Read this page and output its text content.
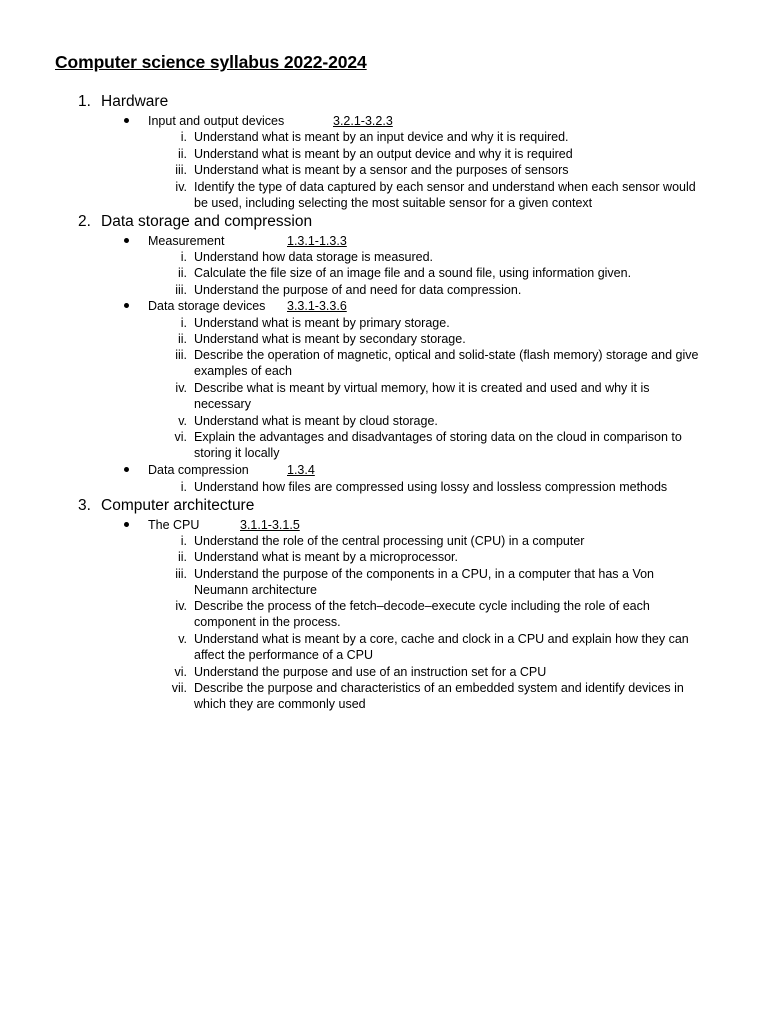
Computer science syllabus 2022-2024
1. Hardware
Input and output devices	3.2.1-3.2.3
i. Understand what is meant by an input device and why it is required.
ii. Understand what is meant by an output device and why it is required
iii. Understand what is meant by a sensor and the purposes of sensors
iv. Identify the type of data captured by each sensor and understand when each sensor would be used, including selecting the most suitable sensor for a given context
2. Data storage and compression
Measurement	1.3.1-1.3.3
i. Understand how data storage is measured.
ii. Calculate the file size of an image file and a sound file, using information given.
iii. Understand the purpose of and need for data compression.
Data storage devices 3.3.1-3.3.6
i. Understand what is meant by primary storage.
ii. Understand what is meant by secondary storage.
iii. Describe the operation of magnetic, optical and solid-state (flash memory) storage and give examples of each
iv. Describe what is meant by virtual memory, how it is created and used and why it is necessary
v. Understand what is meant by cloud storage.
vi. Explain the advantages and disadvantages of storing data on the cloud in comparison to storing it locally
Data compression	1.3.4
i. Understand how files are compressed using lossy and lossless compression methods
3. Computer architecture
The CPU	3.1.1-3.1.5
i. Understand the role of the central processing unit (CPU) in a computer
ii. Understand what is meant by a microprocessor.
iii. Understand the purpose of the components in a CPU, in a computer that has a Von Neumann architecture
iv. Describe the process of the fetch–decode–execute cycle including the role of each component in the process.
v. Understand what is meant by a core, cache and clock in a CPU and explain how they can affect the performance of a CPU
vi. Understand the purpose and use of an instruction set for a CPU
vii. Describe the purpose and characteristics of an embedded system and identify devices in which they are commonly used
